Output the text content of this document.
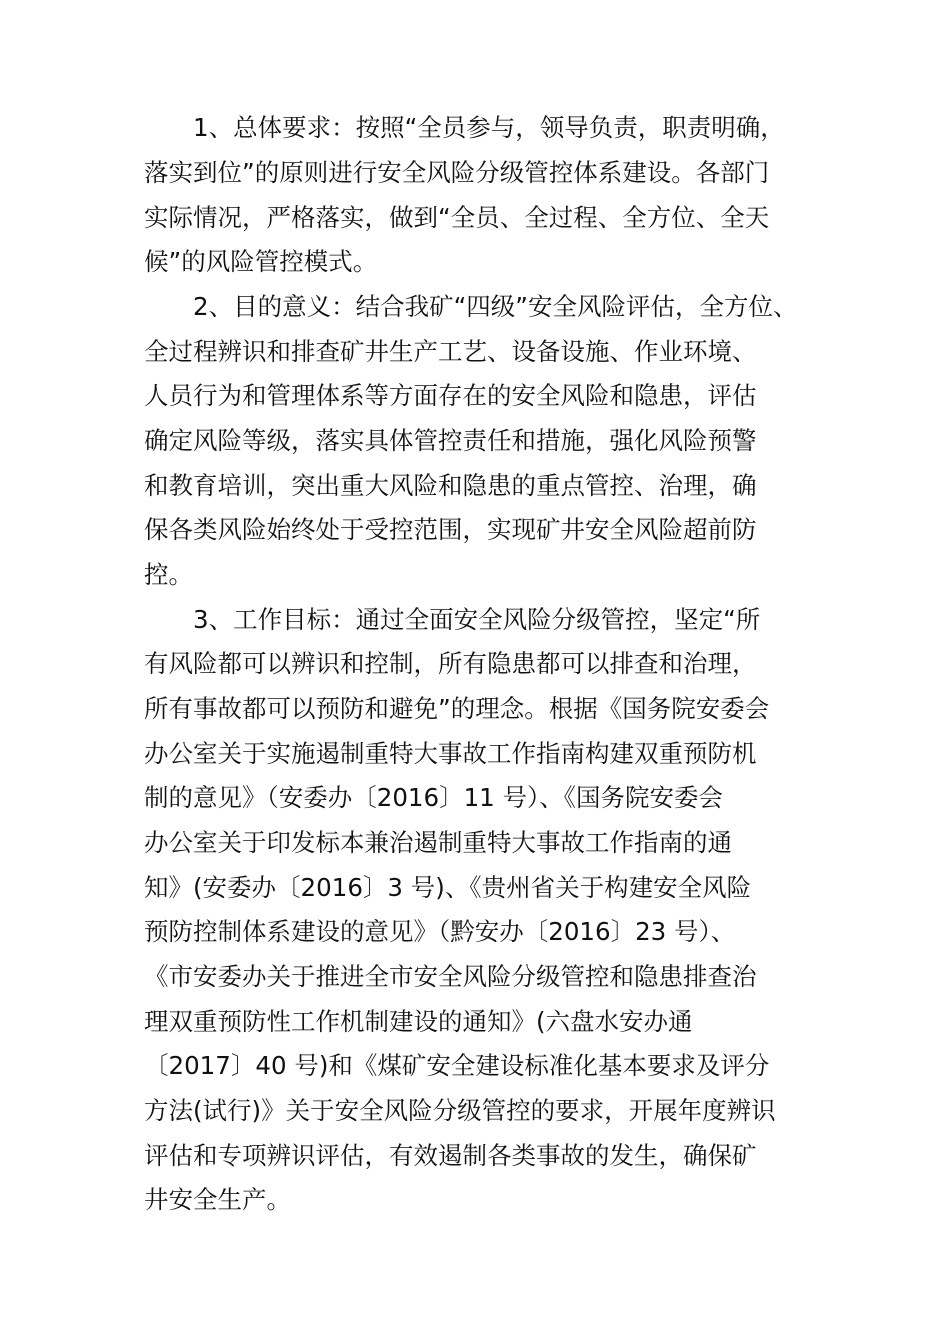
1、总体要求：按照“全员参与，领导负责，职责明确，

落实到位”的原则进行安全风险分级管控体系建设。各部门

实际情况，严格落实，做到“全员、全过程、全方位、全天

候”的风险管控模式。

2、目的意义：结合我矿“四级”安全风险评估，全方位、

全过程辨识和排查矿井生产工艺、设备设施、作业环境、

人员行为和管理体系等方面存在的安全风险和隐患，评估

确定风险等级，落实具体管控责任和措施，强化风险预警

和教育培训，突出重大风险和隐患的重点管控、治理，确

保各类风险始终处于受控范围，实现矿井安全风险超前防

控。

3、工作目标：通过全面安全风险分级管控，坚定“所

有风险都可以辨识和控制，所有隐患都可以排查和治理，

所有事故都可以预防和避免”的理念。根据《国务院安委会

办公室关于实施遏制重特大事故工作指南构建双重预防机

制的意见》（安委办〔2016〕11 号）、《国务院安委会

办公室关于印发标本兼治遏制重特大事故工作指南的通

知》(安委办〔2016〕3 号)、《贵州省关于构建安全风险

预防控制体系建设的意见》（黔安办〔2016〕23 号）、

《市安委办关于推进全市安全风险分级管控和隐患排查治

理双重预防性工作机制建设的通知》(六盘水安办通

〔2017〕40 号)和《煤矿安全建设标准化基本要求及评分

方法(试行)》关于安全风险分级管控的要求，开展年度辨识

评估和专项辨识评估，有效遏制各类事故的发生，确保矿

井安全生产。
